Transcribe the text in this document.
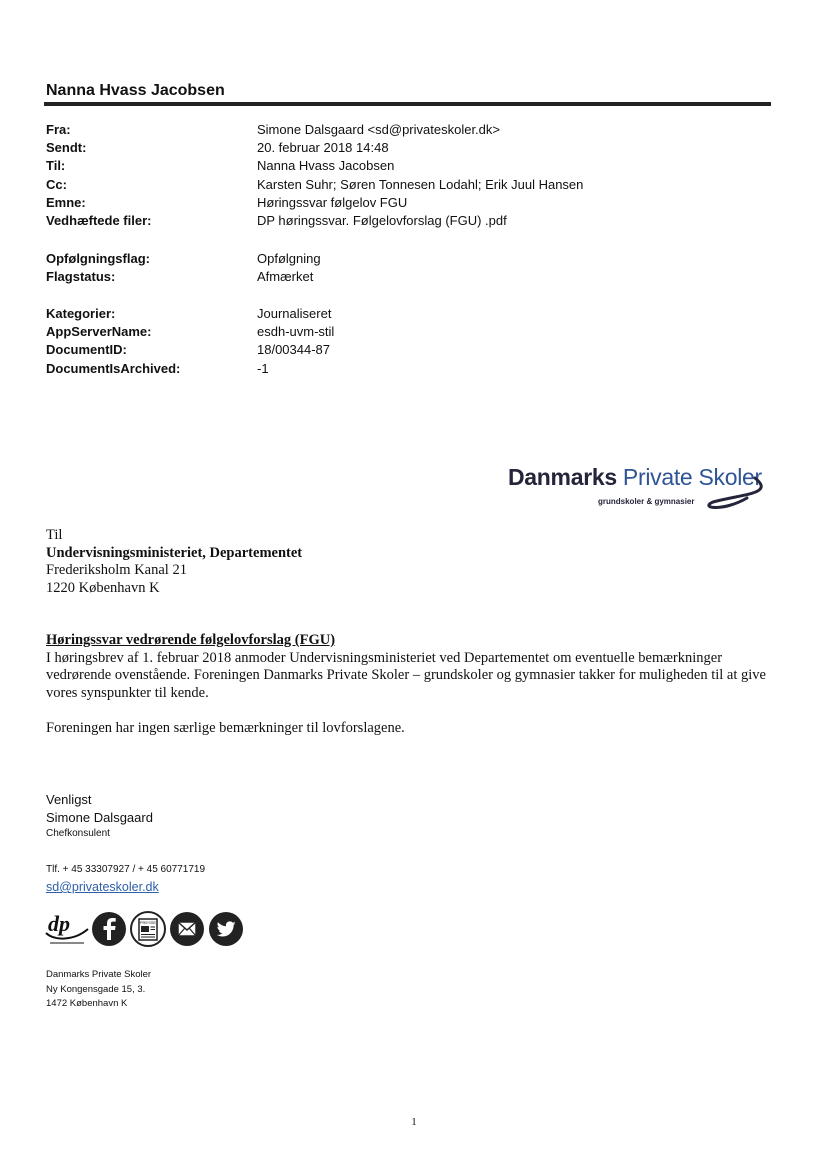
Nanna Hvass Jacobsen
Fra:	Simone Dalsgaard <sd@privateskoler.dk>
Sendt:	20. februar 2018 14:48
Til:	Nanna Hvass Jacobsen
Cc:	Karsten Suhr; Søren Tonnesen Lodahl; Erik Juul Hansen
Emne:	Høringssvar følgelov FGU
Vedhæftede filer:	DP høringssvar. Følgelovforslag (FGU) .pdf
Opfølgningsflag:	Opfølgning
Flagstatus:	Afmærket
Kategorier:	Journaliseret
AppServerName:	esdh-uvm-stil
DocumentID:	18/00344-87
DocumentIsArchived:	-1
Danmarks Private Skoler
grundskoler & gymnasier
Til
Undervisningsministeriet, Departementet
Frederiksholm Kanal 21
1220 København K
Høringssvar vedrørende følgelovforslag (FGU)
I høringsbrev af 1. februar 2018 anmoder Undervisningsministeriet ved Departementet om eventuelle bemærkninger vedrørende ovenstående. Foreningen Danmarks Private Skoler – grundskoler og gymnasier takker for muligheden til at give vores synspunkter til kende.
Foreningen har ingen særlige bemærkninger til lovforslagene.
Venligst
Simone Dalsgaard
Chefkonsulent
Tlf. + 45 33307927 / + 45 60771719
sd@privateskoler.dk
dp	PRESSE
Danmarks Private Skoler
Ny Kongensgade 15, 3.
1472 København K
1
